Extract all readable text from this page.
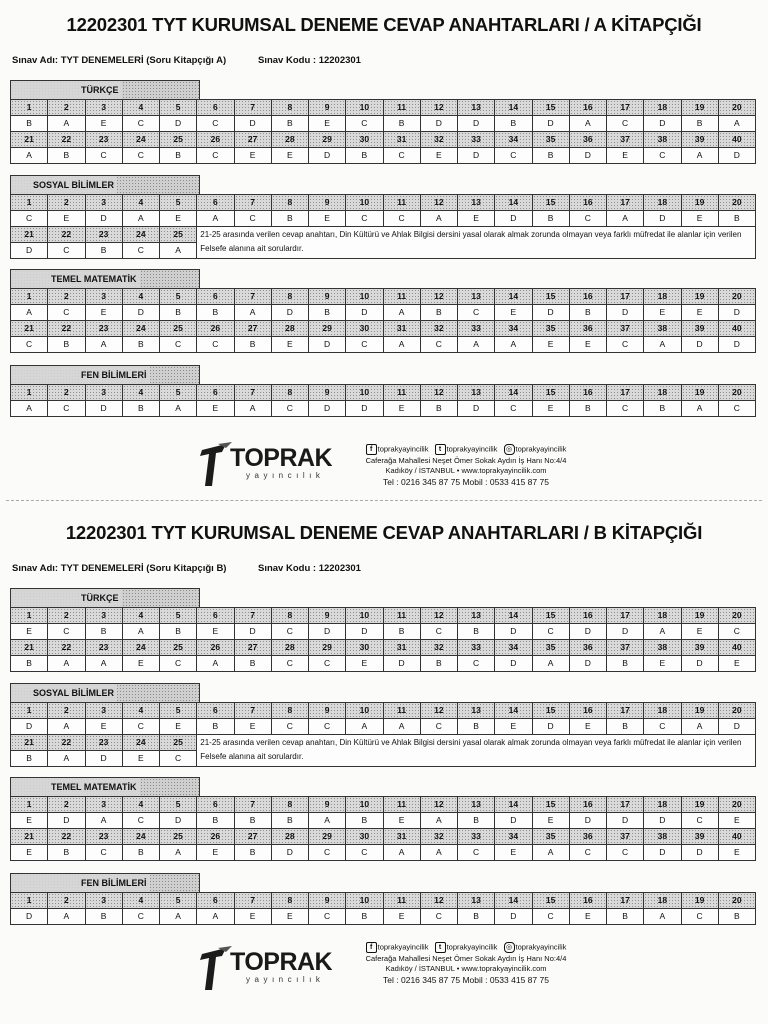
12202301 TYT KURUMSAL DENEME CEVAP ANAHTARLARI / A KİTAPÇIĞI
Sınav Adı: TYT DENEMELERİ (Soru Kitapçığı A)	Sınav Kodu : 12202301
TÜRKÇE
1	2	3	4	5	6	7	8	9	10	11	12	13	14	15	16	17	18	19	20
B	A	E	C	D	C	D	B	E	C	B	D	D	B	D	A	C	D	B	A
21	22	23	24	25	26	27	28	29	30	31	32	33	34	35	36	37	38	39	40
A	B	C	C	B	C	E	E	D	B	C	E	D	C	B	D	E	C	A	D
SOSYAL BİLİMLER
1	2	3	4	5	6	7	8	9	10	11	12	13	14	15	16	17	18	19	20
C	E	D	A	E	A	C	B	E	C	C	A	E	D	B	C	A	D	E	B
21	22	23	24	25
D	C	B	C	A
21-25 arasında verilen cevap anahtarı, Din Kültürü ve Ahlak Bilgisi dersini yasal olarak almak zorunda olmayan veya farklı müfredat ile alanlar için verilen Felsefe alanına ait sorulardır.
TEMEL MATEMATİK
1	2	3	4	5	6	7	8	9	10	11	12	13	14	15	16	17	18	19	20
A	C	E	D	B	B	A	D	B	D	A	B	C	E	D	B	D	E	E	D
21	22	23	24	25	26	27	28	29	30	31	32	33	34	35	36	37	38	39	40
C	B	A	B	C	C	B	E	D	C	A	C	A	A	E	E	C	A	D	D
FEN BİLİMLERİ
1	2	3	4	5	6	7	8	9	10	11	12	13	14	15	16	17	18	19	20
A	C	D	B	A	E	A	C	D	D	E	B	D	C	E	B	C	B	A	C
TOPRAK
yayıncılık
f toprakyayincilik t toprakyayincilik ◎ toprakyayincilik
Caferağa Mahallesi Neşet Ömer Sokak Aydın İş Hanı No:4/4
Kadıköy / İSTANBUL • www.toprakyayincilik.com
Tel : 0216 345 87 75 Mobil : 0533 415 87 75
12202301 TYT KURUMSAL DENEME CEVAP ANAHTARLARI / B KİTAPÇIĞI
Sınav Adı: TYT DENEMELERİ (Soru Kitapçığı B)	Sınav Kodu : 12202301
TÜRKÇE
1	2	3	4	5	6	7	8	9	10	11	12	13	14	15	16	17	18	19	20
E	C	B	A	B	E	D	C	D	D	B	C	B	D	C	D	D	A	E	C
21	22	23	24	25	26	27	28	29	30	31	32	33	34	35	36	37	38	39	40
B	A	A	E	C	A	B	C	C	E	D	B	C	D	A	D	B	E	D	E
SOSYAL BİLİMLER
1	2	3	4	5	6	7	8	9	10	11	12	13	14	15	16	17	18	19	20
D	A	E	C	E	B	E	C	C	A	A	C	B	E	D	E	B	C	A	D
21	22	23	24	25
B	A	D	E	C
21-25 arasında verilen cevap anahtarı, Din Kültürü ve Ahlak Bilgisi dersini yasal olarak almak zorunda olmayan veya farklı müfredat ile alanlar için verilen Felsefe alanına ait sorulardır.
TEMEL MATEMATİK
1	2	3	4	5	6	7	8	9	10	11	12	13	14	15	16	17	18	19	20
E	D	A	C	D	B	B	B	A	B	E	A	B	D	E	D	D	D	C	E
21	22	23	24	25	26	27	28	29	30	31	32	33	34	35	36	37	38	39	40
E	B	C	B	A	E	B	D	C	C	A	A	C	E	A	C	C	D	D	E
FEN BİLİMLERİ
1	2	3	4	5	6	7	8	9	10	11	12	13	14	15	16	17	18	19	20
D	A	B	C	A	A	E	E	C	B	E	C	B	D	C	E	B	A	C	B
TOPRAK
yayıncılık
f toprakyayincilik t toprakyayincilik ◎ toprakyayincilik
Caferağa Mahallesi Neşet Ömer Sokak Aydın İş Hanı No:4/4
Kadıköy / İSTANBUL • www.toprakyayincilik.com
Tel : 0216 345 87 75 Mobil : 0533 415 87 75
